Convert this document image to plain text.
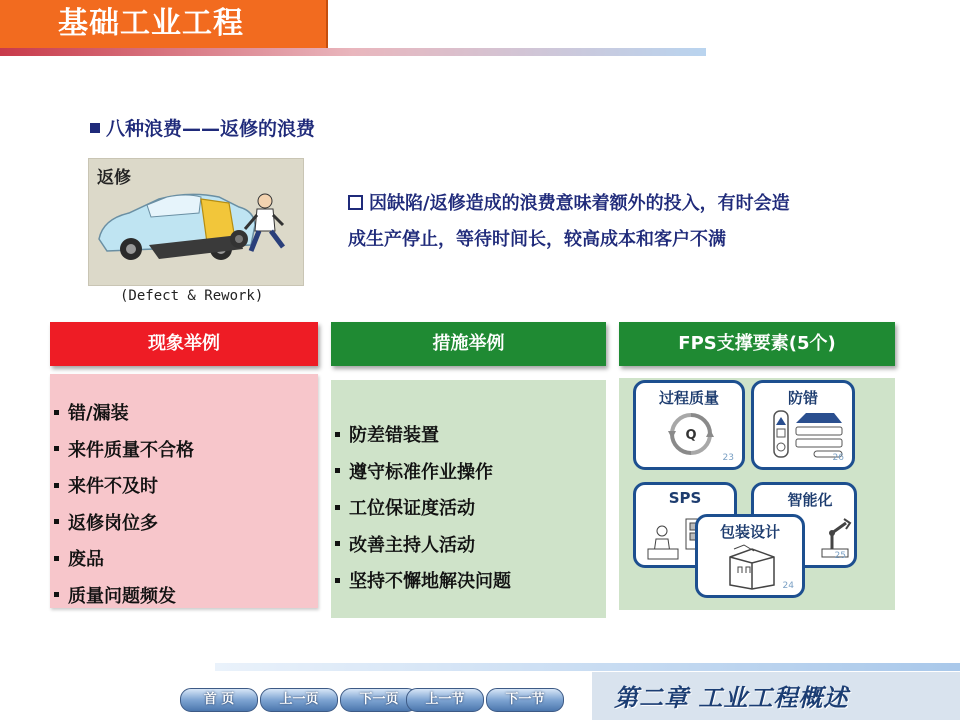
基础工业工程
八种浪费——返修的浪费
返修
(Defect & Rework)
因缺陷/返修造成的浪费意味着额外的投入，有时会造
成生产停止，等待时间长，较高成本和客户不满
现象举例	措施举例	FPS支撑要素(5个)
错/漏装
来件质量不合格
来件不及时
返修岗位多
废品
质量问题频发
防差错装置
遵守标准作业操作
工位保证度活动
改善主持人活动
坚持不懈地解决问题
过程质量
Q
23
防错
26
SPS	智能化
25
包装设计
24
首 页	上一页	下一页	上一节	下一节	第二章 工业工程概述
